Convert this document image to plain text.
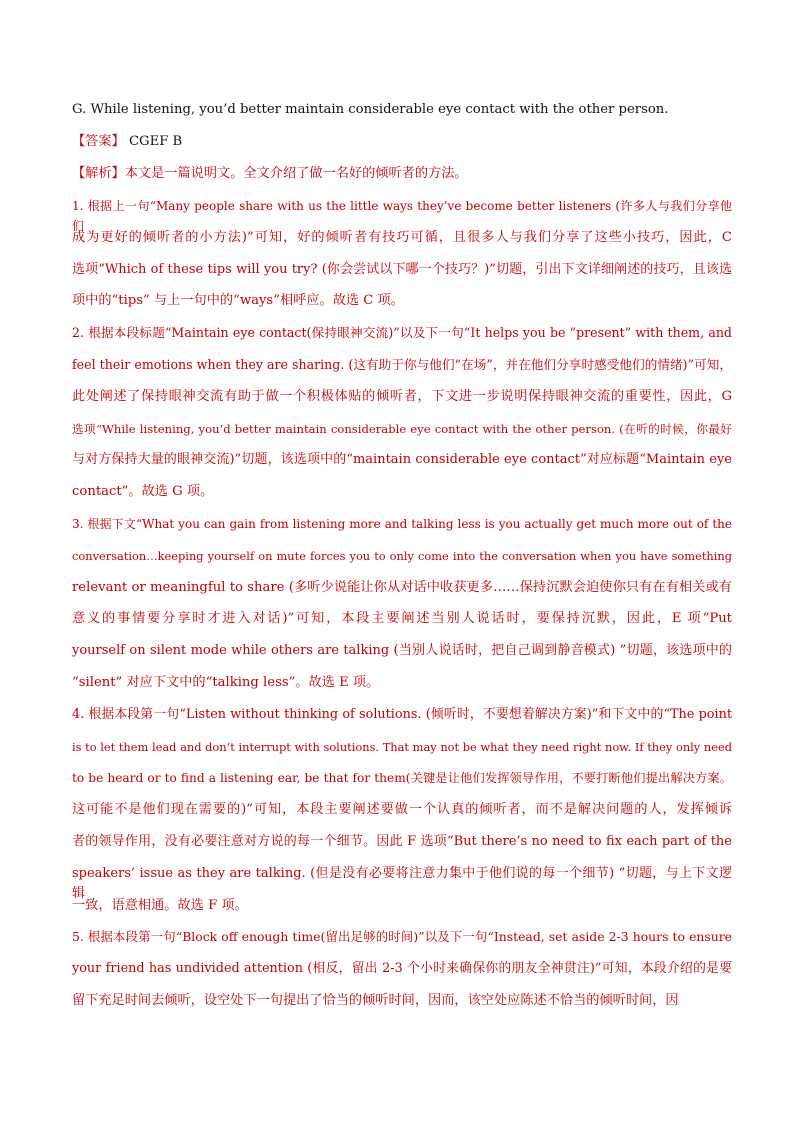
G. While listening, you’d better maintain considerable eye contact with the other person.
【答案】 CGEF B
【解析】本文是一篇说明文。全文介绍了做一名好的倾听者的方法。
1. 根据上一句“Many people share with us the little ways they’ve become better listeners (许多人与我们分享他们
成为更好的倾听者的小方法)”可知，好的倾听者有技巧可循，且很多人与我们分享了这些小技巧，因此，C
选项“Which of these tips will you try? (你会尝试以下哪一个技巧？)”切题，引出下文详细阐述的技巧，且该选
项中的“tips” 与上一句中的“ways”相呼应。故选 C 项。
2. 根据本段标题“Maintain eye contact(保持眼神交流)”以及下一句“It helps you be “present” with them, and
feel their emotions when they are sharing. (这有助于你与他们“在场”，并在他们分享时感受他们的情绪)”可知，
此处阐述了保持眼神交流有助于做一个积极体贴的倾听者，下文进一步说明保持眼神交流的重要性，因此，G
选项“While listening, you’d better maintain considerable eye contact with the other person. (在听的时候，你最好
与对方保持大量的眼神交流)”切题，该选项中的“maintain considerable eye contact”对应标题“Maintain eye
contact”。故选 G 项。
3. 根据下文“What you can gain from listening more and talking less is you actually get much more out of the
conversation…keeping yourself on mute forces you to only come into the conversation when you have something
relevant or meaningful to share (多听少说能让你从对话中收获更多……保持沉默会迫使你只有在有相关或有
意义的事情要分享时才进入对话)”可知，本段主要阐述当别人说话时，要保持沉默，因此，E 项“Put
yourself on silent mode while others are talking (当别人说话时，把自己调到静音模式) ”切题，该选项中的
“silent” 对应下文中的“talking less”。故选 E 项。
4. 根据本段第一句“Listen without thinking of solutions. (倾听时，不要想着解决方案)”和下文中的“The point
is to let them lead and don’t interrupt with solutions. That may not be what they need right now. If they only need
to be heard or to find a listening ear, be that for them(关键是让他们发挥领导作用，不要打断他们提出解决方案。
这可能不是他们现在需要的)”可知，本段主要阐述要做一个认真的倾听者，而不是解决问题的人，发挥倾诉
者的领导作用，没有必要注意对方说的每一个细节。因此 F 选项“But there’s no need to fix each part of the
speakers’ issue as they are talking. (但是没有必要将注意力集中于他们说的每一个细节) ”切题，与上下文逻辑
一致，语意相通。故选 F 项。
5. 根据本段第一句“Block off enough time(留出足够的时间)”以及下一句“Instead, set aside 2-3 hours to ensure
your friend has undivided attention (相反，留出 2-3 个小时来确保你的朋友全神贯注)”可知，本段介绍的是要
留下充足时间去倾听，设空处下一句提出了恰当的倾听时间，因而，该空处应陈述不恰当的倾听时间，因
